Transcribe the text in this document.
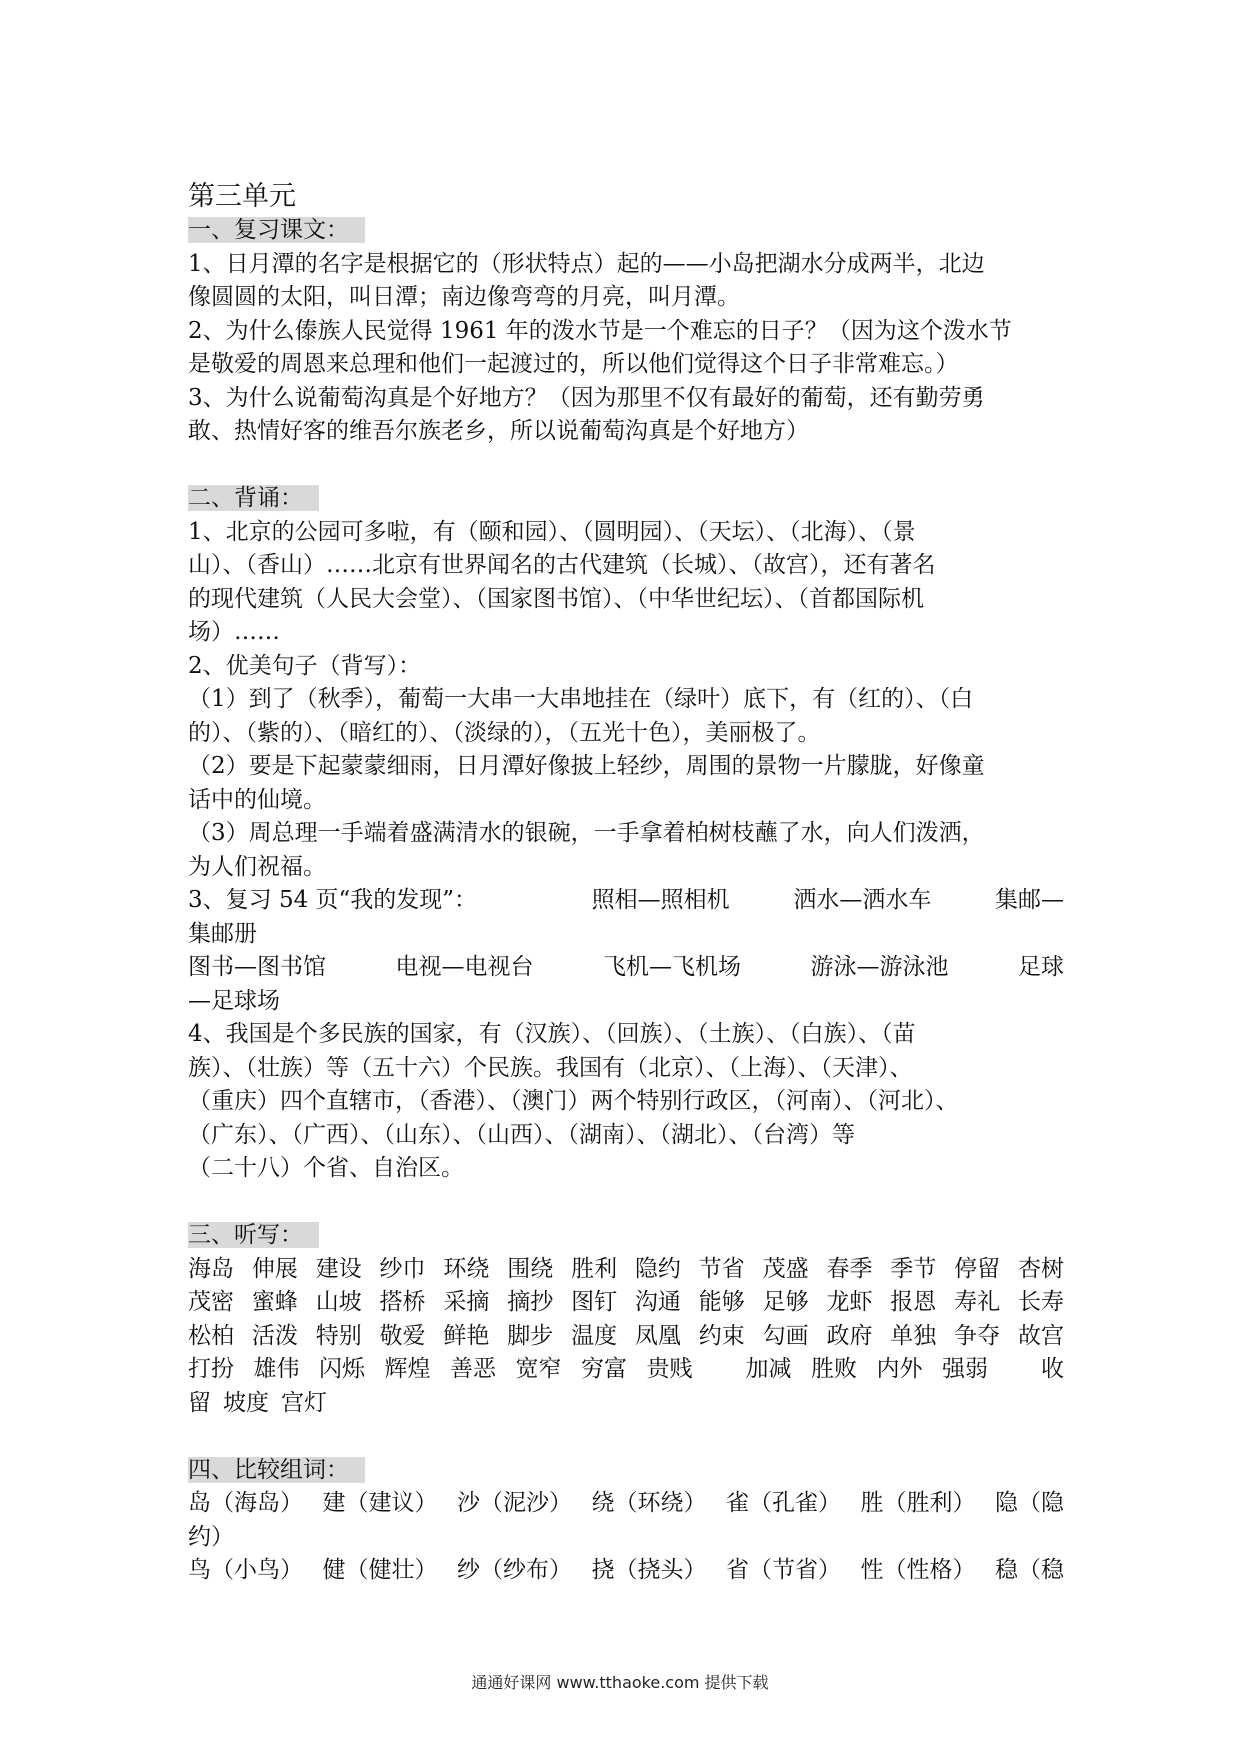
第三单元
一、复习课文：
1、日月潭的名字是根据它的（形状特点）起的——小岛把湖水分成两半，北边
像圆圆的太阳，叫日潭；南边像弯弯的月亮，叫月潭。
2、为什么傣族人民觉得 1961 年的泼水节是一个难忘的日子？（因为这个泼水节
是敬爱的周恩来总理和他们一起渡过的，所以他们觉得这个日子非常难忘。）
3、为什么说葡萄沟真是个好地方？（因为那里不仅有最好的葡萄，还有勤劳勇
敢、热情好客的维吾尔族老乡，所以说葡萄沟真是个好地方）
二、背诵：
1、北京的公园可多啦，有（颐和园）、（圆明园）、（天坛）、（北海）、（景
山）、（香山）……北京有世界闻名的古代建筑（长城）、（故宫），还有著名
的现代建筑（人民大会堂）、（国家图书馆）、（中华世纪坛）、（首都国际机
场）……
2、优美句子（背写）：
（1）到了（秋季），葡萄一大串一大串地挂在（绿叶）底下，有（红的）、（白
的）、（紫的）、（暗红的）、（淡绿的），（五光十色），美丽极了。
（2）要是下起蒙蒙细雨，日月潭好像披上轻纱，周围的景物一片朦胧，好像童
话中的仙境。
（3）周总理一手端着盛满清水的银碗，一手拿着柏树枝蘸了水，向人们泼洒，
为人们祝福。
3、复习 54 页“我的发现”：	照相—照相机	洒水—洒水车	集邮—
集邮册
图书—图书馆	电视—电视台	飞机—飞机场	游泳—游泳池	足球
—足球场
4、我国是个多民族的国家，有（汉族）、（回族）、（土族）、（白族）、（苗
族）、（壮族）等（五十六）个民族。我国有（北京）、（上海）、（天津）、
（重庆）四个直辖市，（香港）、（澳门）两个特别行政区，（河南）、（河北）、
（广东）、（广西）、（山东）、（山西）、（湖南）、（湖北）、（台湾）等
（二十八）个省、自治区。
三、听写：
海岛 伸展 建设 纱巾 环绕 围绕 胜利 隐约 节省 茂盛 春季 季节 停留 杏树
茂密 蜜蜂 山坡 搭桥 采摘 摘抄 图钉 沟通 能够 足够 龙虾 报恩 寿礼 长寿
松柏 活泼 特别 敬爱 鲜艳 脚步 温度 凤凰 约束 勾画 政府 单独 争夺 故宫
打扮 雄伟 闪烁 辉煌 善恶 宽窄 穷富 贵贱 加减 胜败 内外 强弱 收
留 坡度 宫灯
四、比较组词：
岛（海岛） 建（建议） 沙（泥沙） 绕（环绕） 雀（孔雀） 胜（胜利） 隐（隐
约）
鸟（小鸟） 健（健壮） 纱（纱布） 挠（挠头） 省（节省） 性（性格） 稳（稳
通通好课网 www.tthaoke.com 提供下载
